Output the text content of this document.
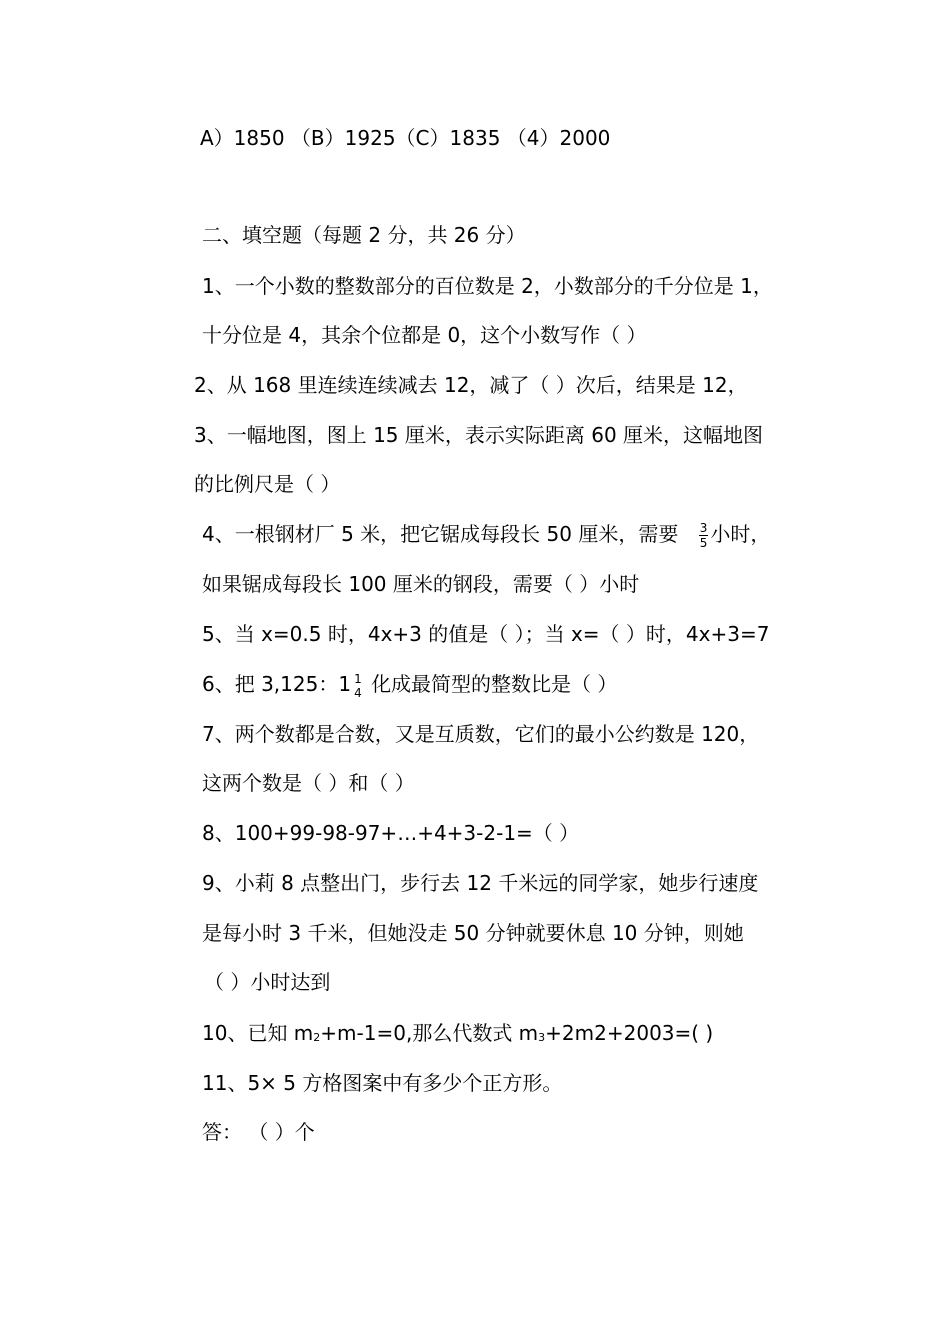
A）1850 （B）1925（C）1835 （4）2000
二、填空题（每题 2 分，共 26 分）
1、一个小数的整数部分的百位数是 2，小数部分的千分位是 1，
十分位是 4，其余个位都是 0，这个小数写作（ ）
2、从 168 里连续连续减去 12，减了（ ）次后，结果是 12，
3、一幅地图，图上 15 厘米，表示实际距离 60 厘米，这幅地图
的比例尺是（ ）
4、一根钢材厂 5 米，把它锯成每段长 50 厘米，需要 $\frac{3}{5}$ 小时，
如果锯成每段长 100 厘米的钢段，需要（ ）小时
5、当 x=0.5 时，4x+3 的值是（ ）；当 x=（ ）时，4x+3=7
6、把 3,125：1 1
4 化成最简型的整数比是（ ）
7、两个数都是合数，又是互质数，它们的最小公约数是 120，
这两个数是（ ）和（ ）
8、100+99-98-97+…+4+3-2-1=（ ）
9、小莉 8 点整出门，步行去 12 千米远的同学家，她步行速度
是每小时 3 千米，但她没走 50 分钟就要休息 10 分钟，则她
（ ）小时达到
10、已知 $m_2+m-1=0$,那么代数式 $m_3+2m2+2003=$( )
11、5× 5 方格图案中有多少个正方形。
答： （ ）个
